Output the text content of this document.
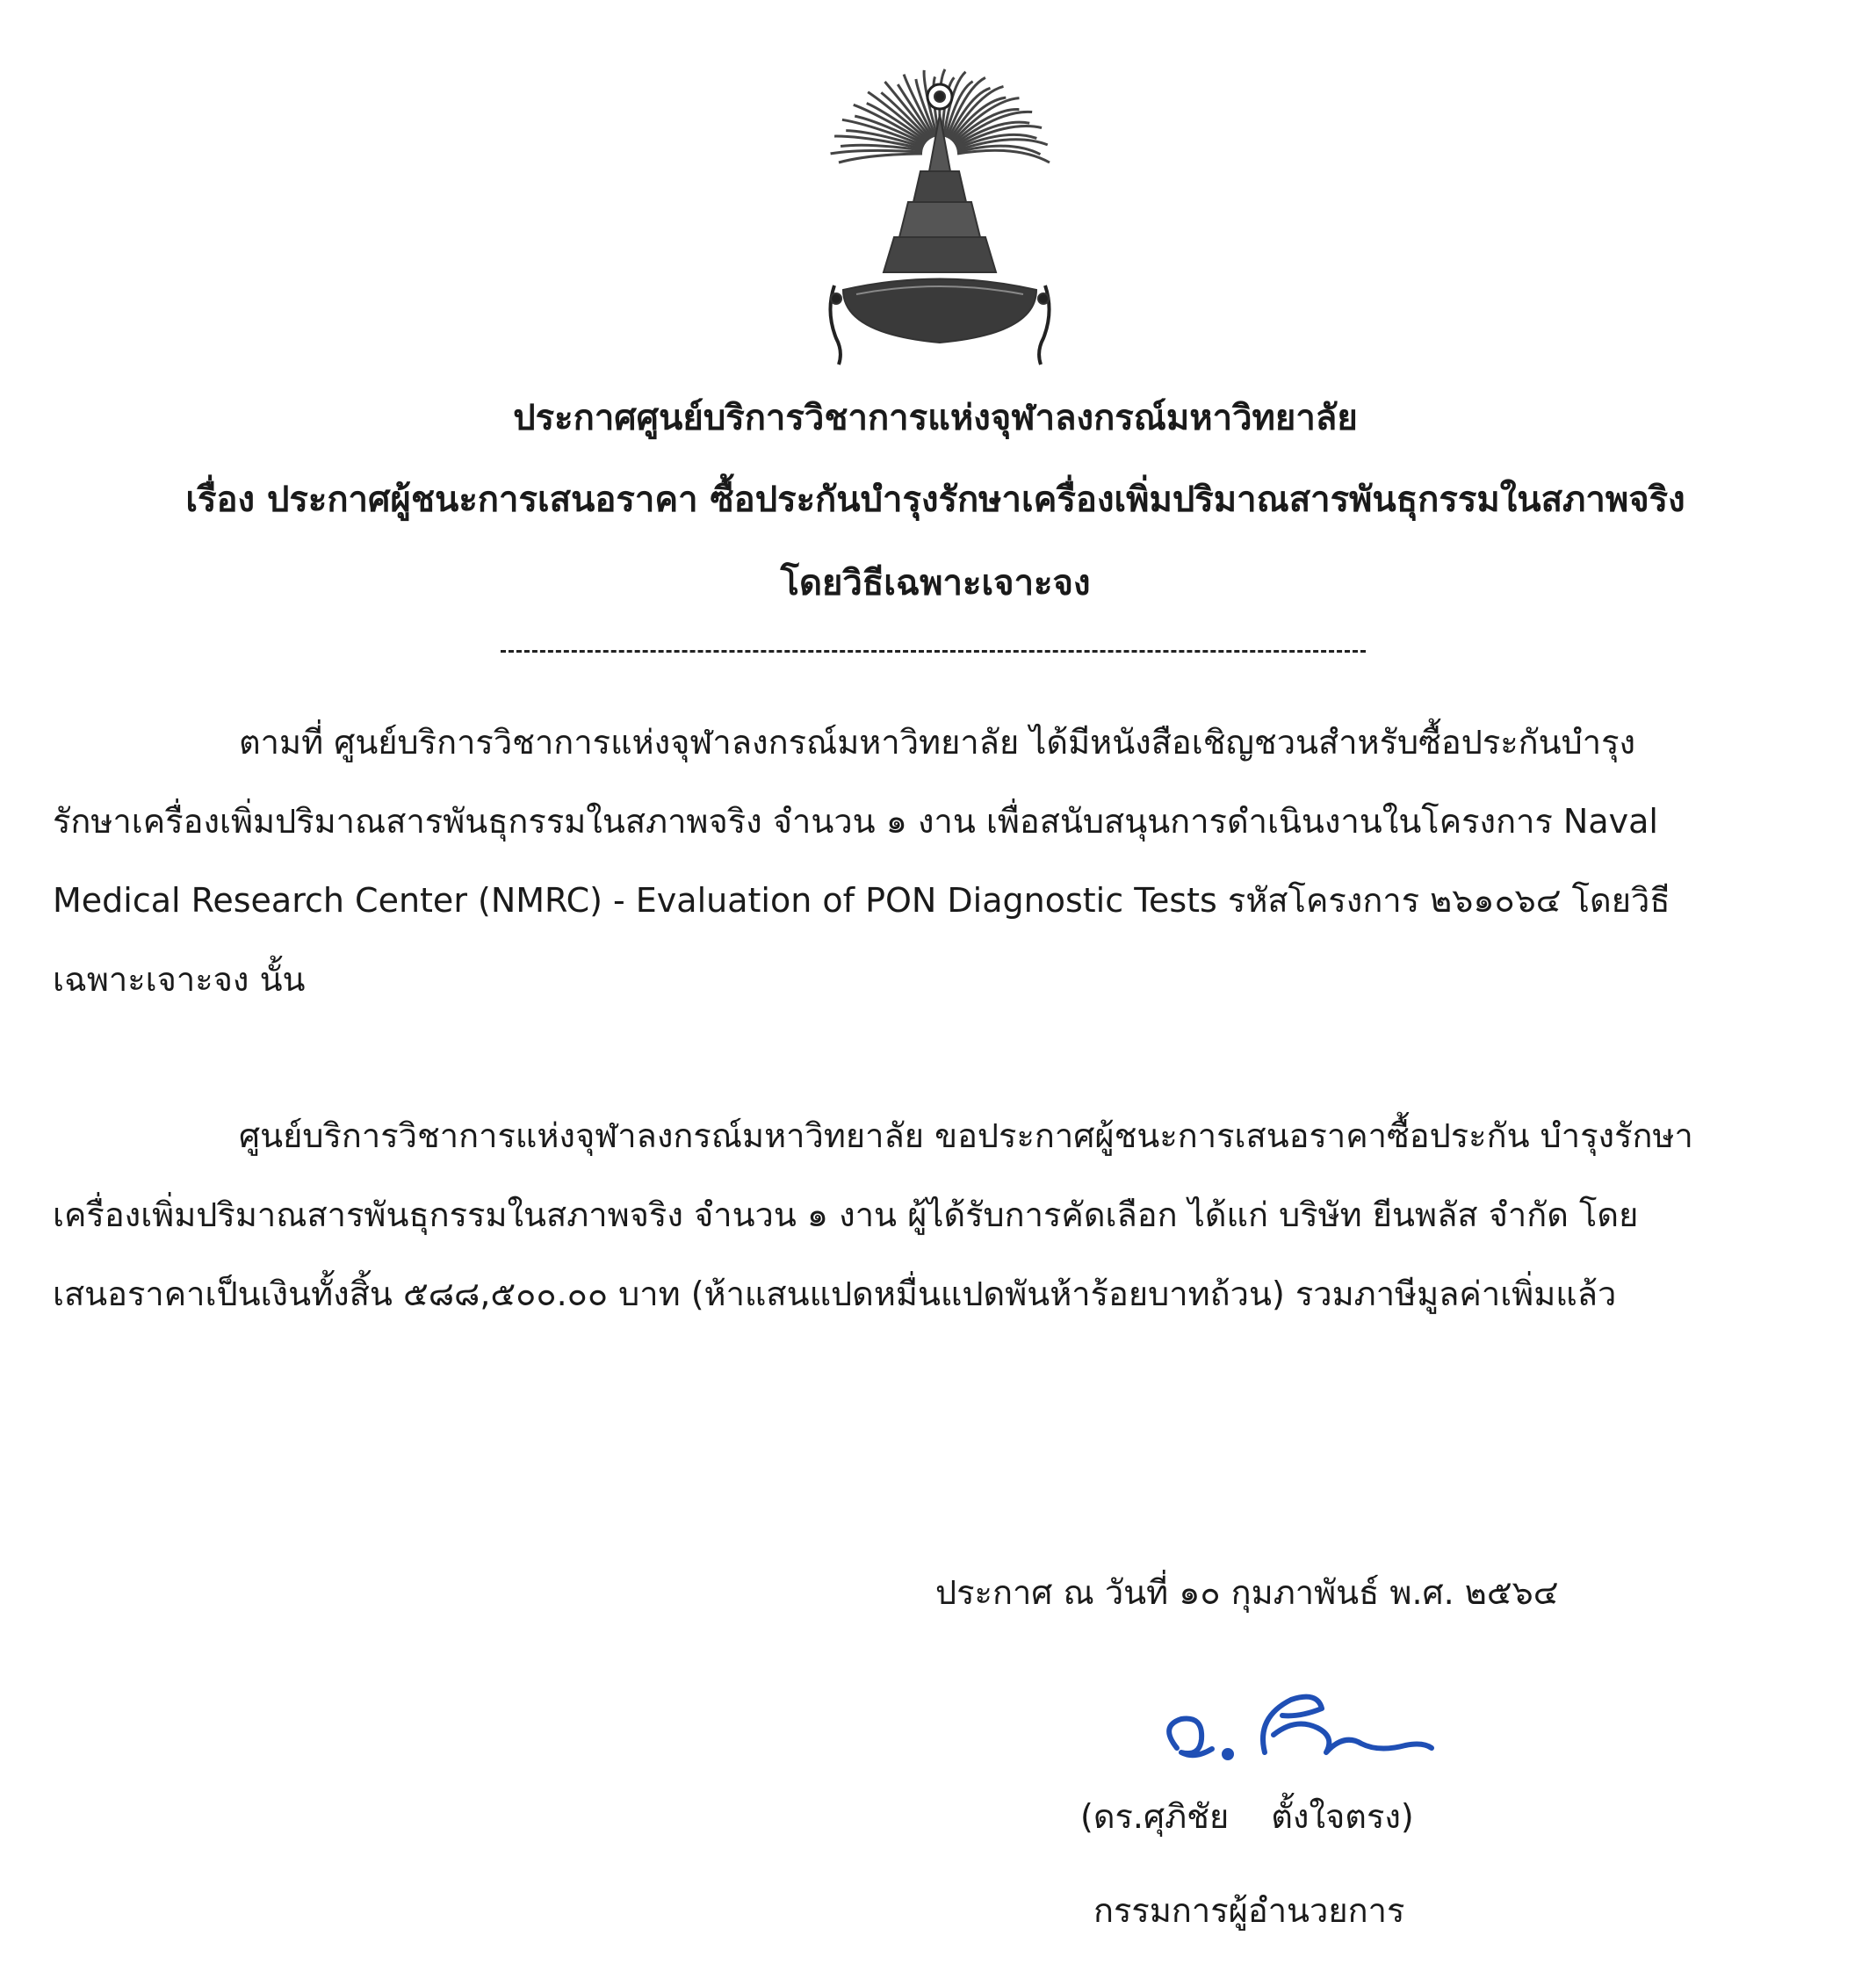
ประกาศศูนย์บริการวิชาการแห่งจุฬาลงกรณ์มหาวิทยาลัย
เรื่อง ประกาศผู้ชนะการเสนอราคา ซื้อประกันบำรุงรักษาเครื่องเพิ่มปริมาณสารพันธุกรรมในสภาพจริง
โดยวิธีเฉพาะเจาะจง
ตามที่ ศูนย์บริการวิชาการแห่งจุฬาลงกรณ์มหาวิทยาลัย ได้มีหนังสือเชิญชวนสำหรับซื้อประกันบำรุง
รักษาเครื่องเพิ่มปริมาณสารพันธุกรรมในสภาพจริง จำนวน ๑ งาน เพื่อสนับสนุนการดำเนินงานในโครงการ Naval
Medical Research Center (NMRC) - Evaluation of PON Diagnostic Tests รหัสโครงการ ๒๖๑๐๖๔ โดยวิธี
เฉพาะเจาะจง นั้น
ศูนย์บริการวิชาการแห่งจุฬาลงกรณ์มหาวิทยาลัย ขอประกาศผู้ชนะการเสนอราคาซื้อประกัน บำรุงรักษา
เครื่องเพิ่มปริมาณสารพันธุกรรมในสภาพจริง จำนวน ๑ งาน ผู้ได้รับการคัดเลือก ได้แก่ บริษัท ยีนพลัส จำกัด โดย
เสนอราคาเป็นเงินทั้งสิ้น ๕๘๘,๕๐๐.๐๐ บาท (ห้าแสนแปดหมื่นแปดพันห้าร้อยบาทถ้วน) รวมภาษีมูลค่าเพิ่มแล้ว
ประกาศ ณ วันที่ ๑๐ กุมภาพันธ์ พ.ศ. ๒๕๖๔
(ดร.ศุภิชัย ตั้งใจตรง)
กรรมการผู้อำนวยการ
